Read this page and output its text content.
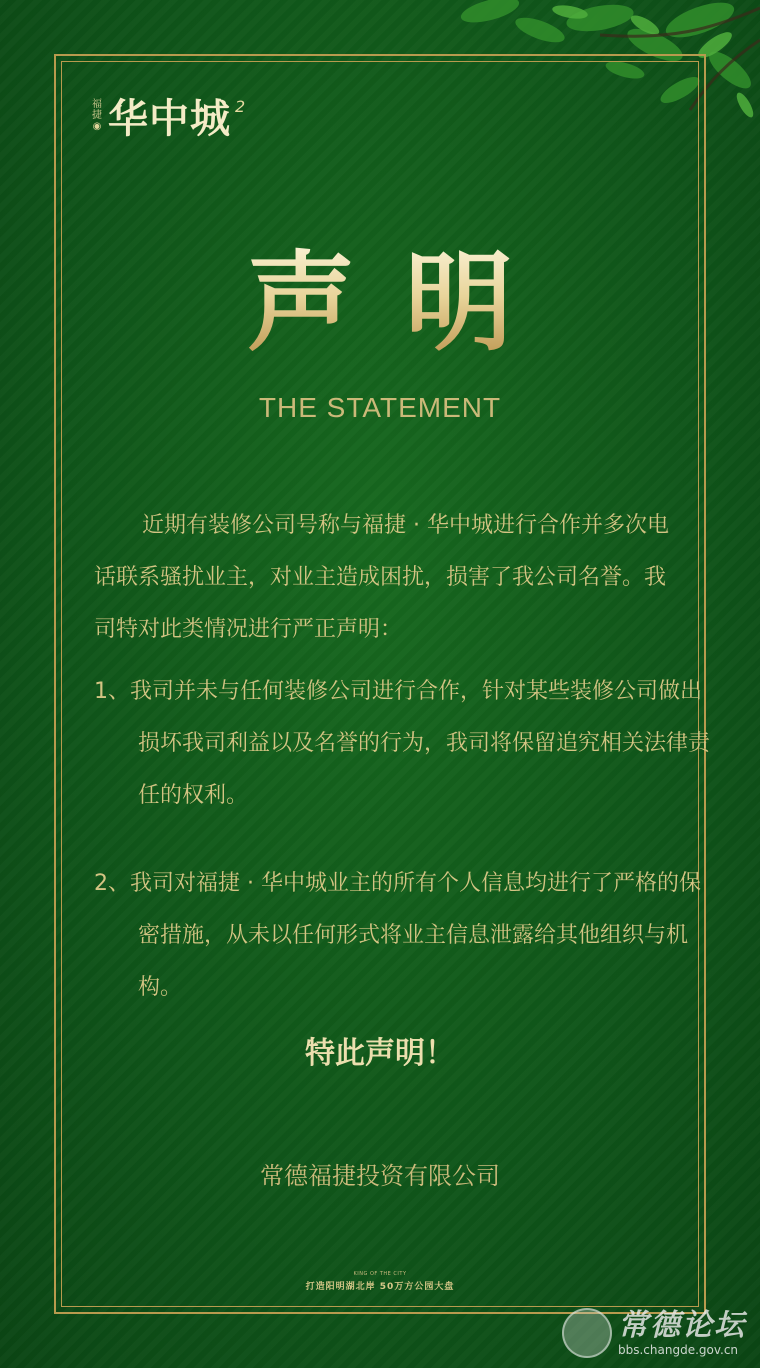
福
捷
◉ 华中城 2
声明
THE STATEMENT
近期有装修公司号称与福捷 · 华中城进行合作并多次电话联系骚扰业主，对业主造成困扰，损害了我公司名誉。我司特对此类情况进行严正声明：
1、我司并未与任何装修公司进行合作，针对某些装修公司做出损坏我司利益以及名誉的行为，我司将保留追究相关法律责任的权利。
2、我司对福捷 · 华中城业主的所有个人信息均进行了严格的保密措施，从未以任何形式将业主信息泄露给其他组织与机构。
特此声明！
常德福捷投资有限公司
KING OF THE CITY
打造阳明湖北岸 50万方公园大盘
常德论坛
bbs.changde.gov.cn
